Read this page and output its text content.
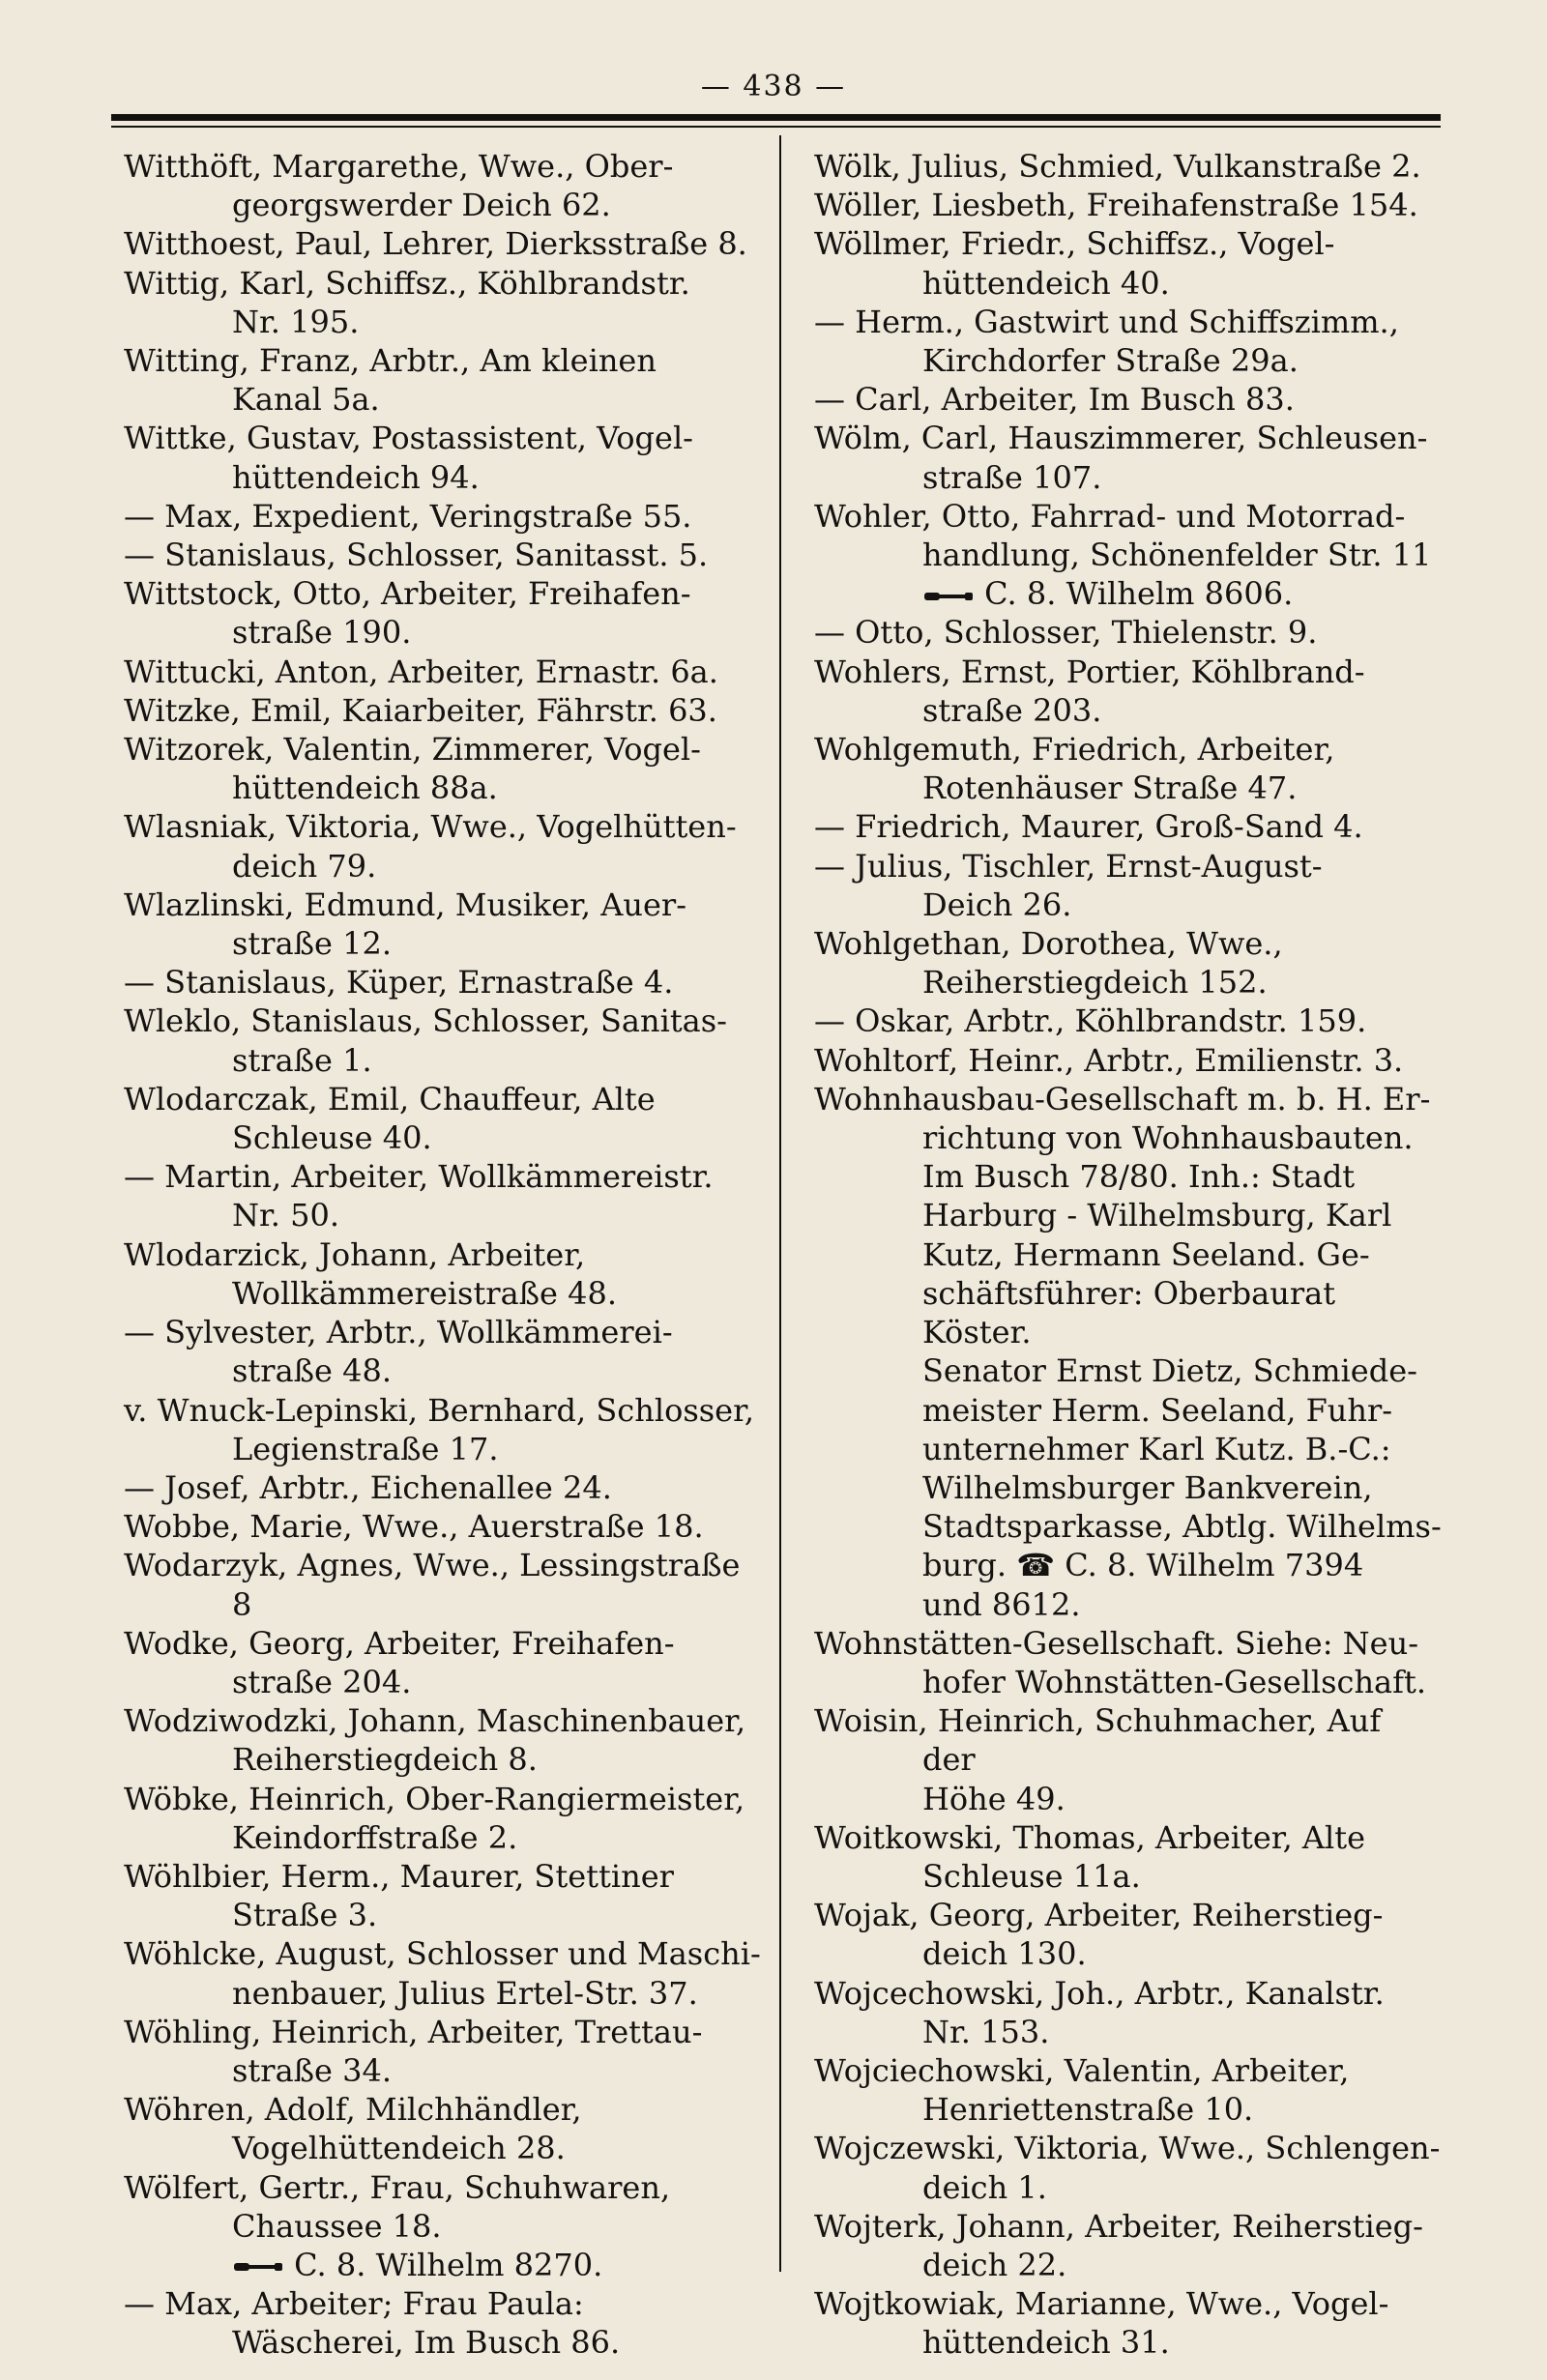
— 438 —

Witthöft, Margarethe, Wwe., Ober-
georgswerder Deich 62.

Witthoest, Paul, Lehrer, Dierksstraße 8.

Wittig, Karl, Schiffsz., Köhlbrandstr.
Nr. 195.

Witting, Franz, Arbtr., Am kleinen
Kanal 5a.

Wittke, Gustav, Postassistent, Vogel-
hüttendeich 94.

— Max, Expedient, Veringstraße 55.

— Stanislaus, Schlosser, Sanitasst. 5.

Wittstock, Otto, Arbeiter, Freihafen-
straße 190.

Wittucki, Anton, Arbeiter, Ernastr. 6a.

Witzke, Emil, Kaiarbeiter, Fährstr. 63.

Witzorek, Valentin, Zimmerer, Vogel-
hüttendeich 88a.

Wlasniak, Viktoria, Wwe., Vogelhütten-
deich 79.

Wlazlinski, Edmund, Musiker, Auer-
straße 12.

— Stanislaus, Küper, Ernastraße 4.

Wleklo, Stanislaus, Schlosser, Sanitas-
straße 1.

Wlodarczak, Emil, Chauffeur, Alte
Schleuse 40.

— Martin, Arbeiter, Wollkämmereistr.
Nr. 50.

Wlodarzick, Johann, Arbeiter,
Wollkämmereistraße 48.

— Sylvester, Arbtr., Wollkämmerei-
straße 48.

v. Wnuck-Lepinski, Bernhard, Schlosser,
Legienstraße 17.

— Josef, Arbtr., Eichenallee 24.

Wobbe, Marie, Wwe., Auerstraße 18.

Wodarzyk, Agnes, Wwe., Lessingstraße 8

Wodke, Georg, Arbeiter, Freihafen-
straße 204.

Wodziwodzki, Johann, Maschinenbauer,
Reiherstiegdeich 8.

Wöbke, Heinrich, Ober-Rangiermeister,
Keindorffstraße 2.

Wöhlbier, Herm., Maurer, Stettiner
Straße 3.

Wöhlcke, August, Schlosser und Maschi-
nenbauer, Julius Ertel-Str. 37.

Wöhling, Heinrich, Arbeiter, Trettau-
straße 34.

Wöhren, Adolf, Milchhändler,
Vogelhüttendeich 28.

Wölfert, Gertr., Frau, Schuhwaren,
Chaussee 18.
C. 8. Wilhelm 8270.

— Max, Arbeiter; Frau Paula:
Wäscherei, Im Busch 86.

Wölk, Julius, Schmied, Vulkanstraße 2.

Wöller, Liesbeth, Freihafenstraße 154.

Wöllmer, Friedr., Schiffsz., Vogel-
hüttendeich 40.

— Herm., Gastwirt und Schiffszimm.,
Kirchdorfer Straße 29a.

— Carl, Arbeiter, Im Busch 83.

Wölm, Carl, Hauszimmerer, Schleusen-
straße 107.

Wohler, Otto, Fahrrad- und Motorrad-
handlung, Schönenfelder Str. 11
C. 8. Wilhelm 8606.

— Otto, Schlosser, Thielenstr. 9.

Wohlers, Ernst, Portier, Köhlbrand-
straße 203.

Wohlgemuth, Friedrich, Arbeiter,
Rotenhäuser Straße 47.

— Friedrich, Maurer, Groß-Sand 4.

— Julius, Tischler, Ernst-August-
Deich 26.

Wohlgethan, Dorothea, Wwe.,
Reiherstiegdeich 152.

— Oskar, Arbtr., Köhlbrandstr. 159.

Wohltorf, Heinr., Arbtr., Emilienstr. 3.

Wohnhausbau-Gesellschaft m. b. H. Er-
richtung von Wohnhausbauten.
Im Busch 78/80. Inh.: Stadt
Harburg - Wilhelmsburg, Karl
Kutz, Hermann Seeland. Ge-
schäftsführer: Oberbaurat Köster.
Senator Ernst Dietz, Schmiede-
meister Herm. Seeland, Fuhr-
unternehmer Karl Kutz. B.-C.:
Wilhelmsburger Bankverein,
Stadtsparkasse, Abtlg. Wilhelms-
burg. ☎ C. 8. Wilhelm 7394
und 8612.

Wohnstätten-Gesellschaft. Siehe: Neu-
hofer Wohnstätten-Gesellschaft.

Woisin, Heinrich, Schuhmacher, Auf der
Höhe 49.

Woitkowski, Thomas, Arbeiter, Alte
Schleuse 11a.

Wojak, Georg, Arbeiter, Reiherstieg-
deich 130.

Wojcechowski, Joh., Arbtr., Kanalstr.
Nr. 153.

Wojciechowski, Valentin, Arbeiter,
Henriettenstraße 10.

Wojczewski, Viktoria, Wwe., Schlengen-
deich 1.

Wojterk, Johann, Arbeiter, Reiherstieg-
deich 22.

Wojtkowiak, Marianne, Wwe., Vogel-
hüttendeich 31.
